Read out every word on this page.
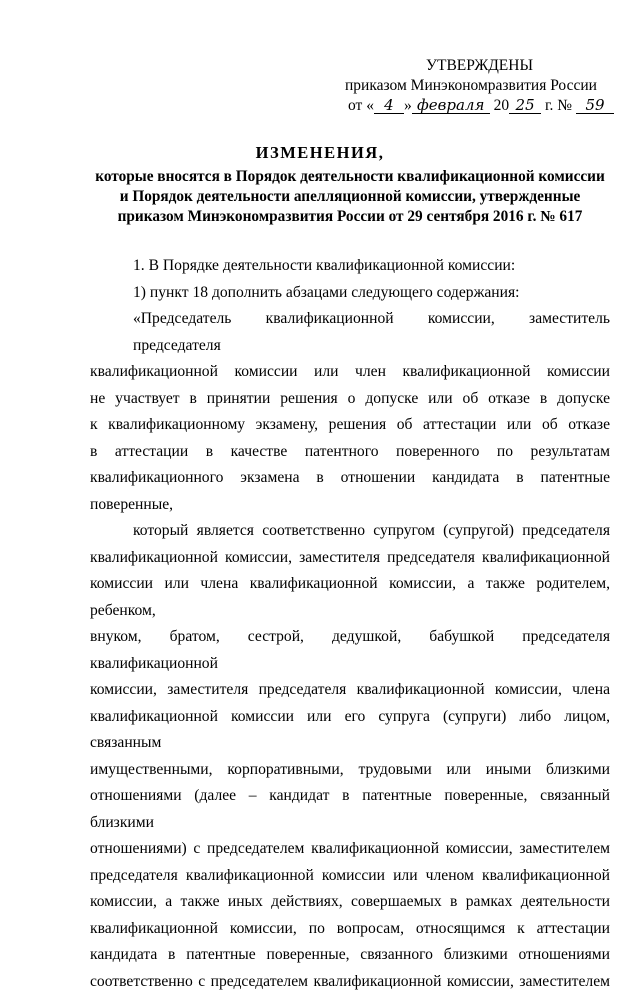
УТВЕРЖДЕНЫ
приказом Минэкономразвития России
от « 4 » февраля 20 25 г. № 59
ИЗМЕНЕНИЯ,
которые вносятся в Порядок деятельности квалификационной комиссии
и Порядок деятельности апелляционной комиссии, утвержденные
приказом Минэкономразвития России от 29 сентября 2016 г. № 617
1. В Порядке деятельности квалификационной комиссии:
1) пункт 18 дополнить абзацами следующего содержания:
«Председатель квалификационной комиссии, заместитель председателя
квалификационной комиссии или член квалификационной комиссии
не участвует в принятии решения о допуске или об отказе в допуске
к квалификационному экзамену, решения об аттестации или об отказе
в аттестации в качестве патентного поверенного по результатам
квалификационного экзамена в отношении кандидата в патентные поверенные,
который является соответственно супругом (супругой) председателя
квалификационной комиссии, заместителя председателя квалификационной
комиссии или члена квалификационной комиссии, а также родителем, ребенком,
внуком, братом, сестрой, дедушкой, бабушкой председателя квалификационной
комиссии, заместителя председателя квалификационной комиссии, члена
квалификационной комиссии или его супруга (супруги) либо лицом, связанным
имущественными, корпоративными, трудовыми или иными близкими
отношениями (далее – кандидат в патентные поверенные, связанный близкими
отношениями) с председателем квалификационной комиссии, заместителем
председателя квалификационной комиссии или членом квалификационной
комиссии, а также иных действиях, совершаемых в рамках деятельности
квалификационной комиссии, по вопросам, относящимся к аттестации
кандидата в патентные поверенные, связанного близкими отношениями
соответственно с председателем квалификационной комиссии, заместителем
